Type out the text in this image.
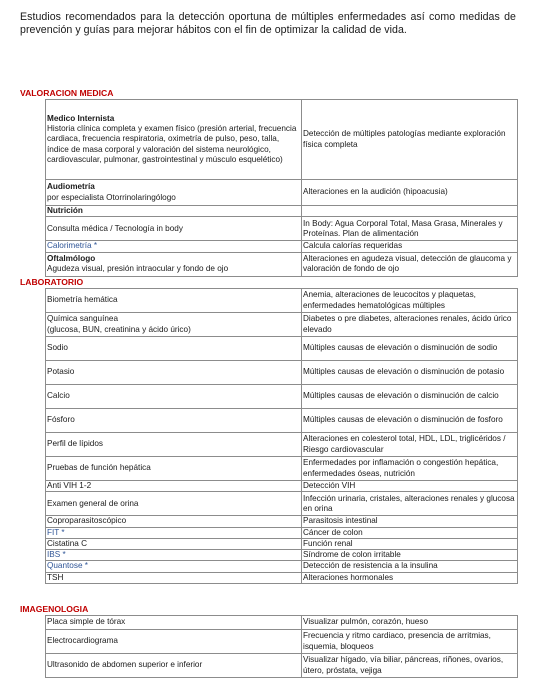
Estudios recomendados para la detección oportuna de múltiples enfermedades así como medidas de prevención y guías para mejorar hábitos con el fin de optimizar la calidad de vida.
VALORACION MEDICA
Medico Internista
Historia clínica completa y examen físico (presión arterial, frecuencia cardiaca, frecuencia respiratoria, oximetría de pulso, peso, talla, índice de masa corporal y valoración del sistema neurológico, cardiovascular, pulmonar, gastrointestinal y músculo esquelético)	Detección de múltiples patologías mediante exploración física completa

Audiometría
por especialista Otorrinolaringólogo	Alteraciones en la audición (hipoacusia)

Nutrición	

Consulta médica / Tecnología in body	In Body: Agua Corporal Total, Masa Grasa, Minerales y Proteínas. Plan de alimentación
Calorimetría *	Calcula calorías requeridas

Oftalmólogo
Agudeza visual, presión intraocular y fondo de ojo	Alteraciones en agudeza visual, detección de glaucoma y valoración de fondo de ojo
LABORATORIO
Biometría hemática	Anemia, alteraciones de leucocitos y plaquetas, enfermedades hematológicas múltiples
Química sanguínea
(glucosa, BUN, creatinina y ácido úrico)	Diabetes o pre diabetes, alteraciones renales, ácido úrico elevado
Sodio	Múltiples causas de elevación o disminución de sodio
Potasio	Múltiples causas de elevación o disminución de potasio
Calcio	Múltiples causas de elevación o disminución de calcio
Fósforo	Múltiples causas de elevación o disminución de fosforo
Perfil de lípidos	Alteraciones en colesterol total, HDL, LDL, triglicéridos / Riesgo cardiovascular
Pruebas de función hepática	Enfermedades por inflamación o congestión hepática, enfermedades óseas, nutrición
Anti VIH 1-2	Detección VIH
Examen general de orina	Infección urinaria, cristales, alteraciones renales y glucosa en orina
Coproparasitoscópico	Parasitosis intestinal
FIT *	Cáncer de colon
Cistatina C	Función renal
IBS *	Síndrome de colon irritable
Quantose *	Detección de resistencia a la insulina
TSH	Alteraciones hormonales
IMAGENOLOGIA
Placa simple de tórax	Visualizar pulmón, corazón, hueso
Electrocardiograma	Frecuencia y ritmo cardiaco, presencia de arritmias, isquemia, bloqueos
Ultrasonido de abdomen superior e inferior	Visualizar hígado, vía biliar, páncreas, riñones, ovarios, útero, próstata, vejiga
